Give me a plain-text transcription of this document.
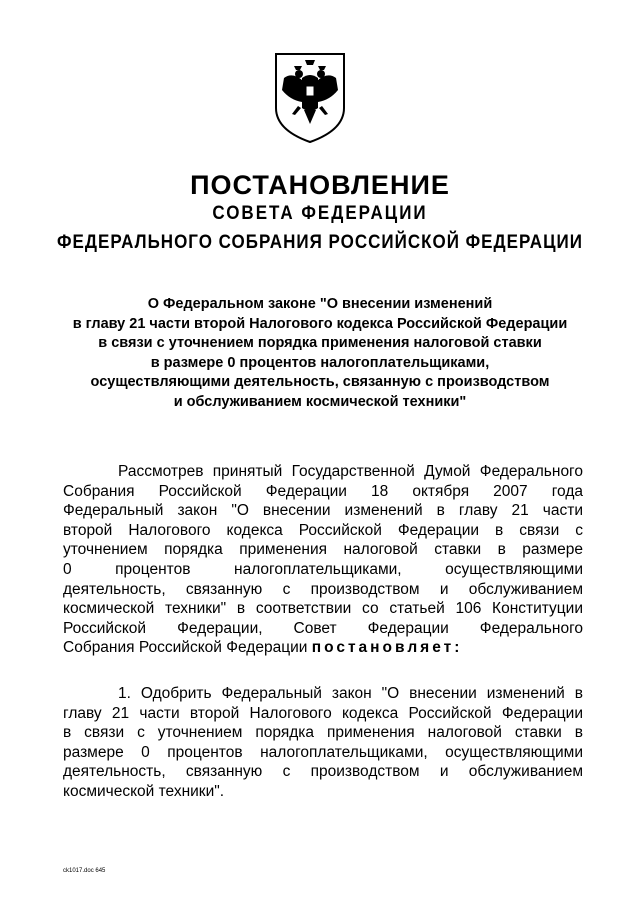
ПОСТАНОВЛЕНИЕ

СОВЕТА ФЕДЕРАЦИИ

ФЕДЕРАЛЬНОГО СОБРАНИЯ РОССИЙСКОЙ ФЕДЕРАЦИИ

О Федеральном законе "О внесении изменений
в главу 21 части второй Налогового кодекса Российской Федерации
в связи с уточнением порядка применения налоговой ставки
в размере 0 процентов налогоплательщиками,
осуществляющими деятельность, связанную с производством
и обслуживанием космической техники"

Рассмотрев принятый Государственной Думой Федерального
Собрания Российской Федерации 18 октября 2007 года
Федеральный закон "О внесении изменений в главу 21 части
второй Налогового кодекса Российской Федерации в связи с
уточнением порядка применения налоговой ставки в размере
0 процентов налогоплательщиками, осуществляющими
деятельность, связанную с производством и обслуживанием
космической техники" в соответствии со статьей 106 Конституции
Российской Федерации, Совет Федерации Федерального
Собрания Российской Федерации постановляет:

1. Одобрить Федеральный закон "О внесении изменений в
главу 21 части второй Налогового кодекса Российской Федерации
в связи с уточнением порядка применения налоговой ставки в
размере 0 процентов налогоплательщиками, осуществляющими
деятельность, связанную с производством и обслуживанием
космической техники".

ck1017.doc 645
